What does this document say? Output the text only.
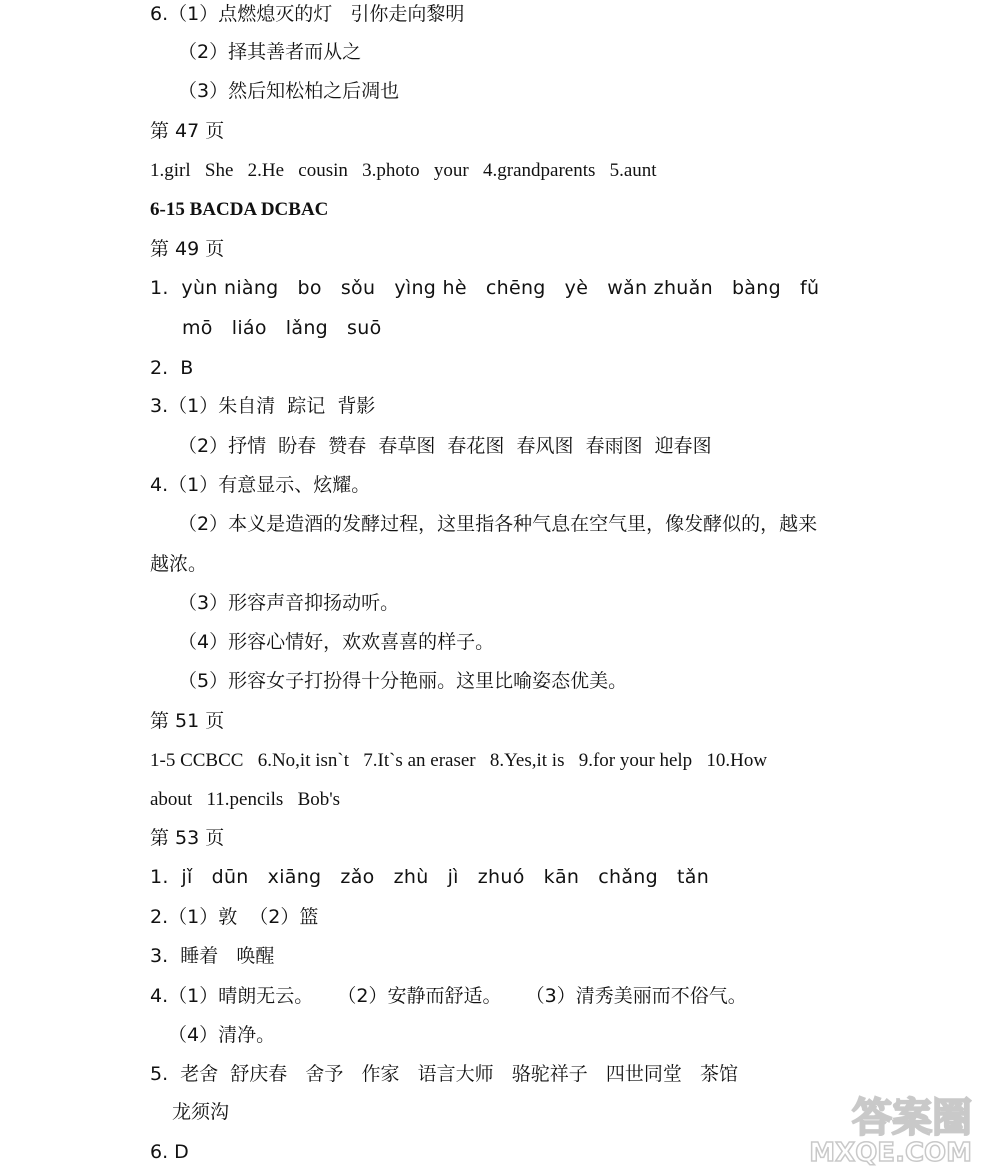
6.（1）点燃熄灭的灯   引你走向黎明
（2）择其善者而从之
（3）然后知松柏之后凋也
第 47 页
1.girl   She   2.He   cousin   3.photo   your   4.grandparents   5.aunt
6-15 BACDA DCBAC
第 49 页
1.  yùn niàng   bo   sǒu   yìng hè   chēng   yè   wǎn zhuǎn   bàng   fǔ
mō   liáo   lǎng   suō
2.  B
3.（1）朱自清  踪记  背影
（2）抒情  盼春  赞春  春草图  春花图  春风图  春雨图  迎春图
4.（1）有意显示、炫耀。
（2）本义是造酒的发酵过程，这里指各种气息在空气里，像发酵似的，越来
越浓。
（3）形容声音抑扬动听。
（4）形容心情好，欢欢喜喜的样子。
（5）形容女子打扮得十分艳丽。这里比喻姿态优美。
第 51 页
1-5 CCBCC   6.No,it isn`t   7.It`s an eraser   8.Yes,it is   9.for your help   10.How
about   11.pencils   Bob's
第 53 页
1.  jǐ   dūn   xiāng   zǎo   zhù   jì   zhuó   kān   chǎng   tǎn
2.（1）敦  （2）篮
3.  睡着   唤醒
4.（1）晴朗无云。    （2）安静而舒适。    （3）清秀美丽而不俗气。
（4）清净。
5.  老舍  舒庆春   舍予   作家   语言大师   骆驼祥子   四世同堂   茶馆
龙须沟
6. D
答案圈
MXQE.COM
